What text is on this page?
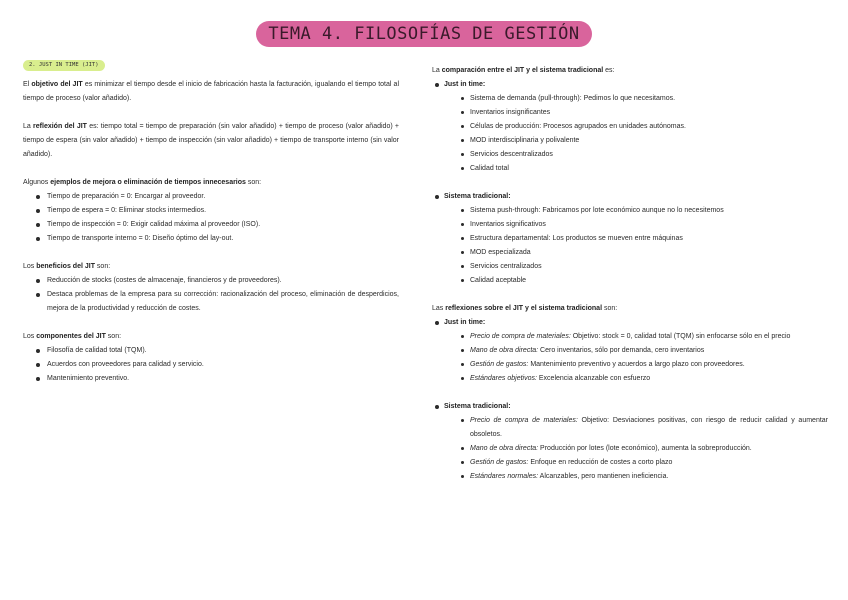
TEMA 4. FILOSOFÍAS DE GESTIÓN
2. JUST IN TIME (JIT)

El objetivo del JIT es minimizar el tiempo desde el inicio de fabricación hasta la facturación, igualando el tiempo total al tiempo de proceso (valor añadido).

La reflexión del JIT es: tiempo total = tiempo de preparación (sin valor añadido) + tiempo de proceso (valor añadido) + tiempo de espera (sin valor añadido) + tiempo de inspección (sin valor añadido) + tiempo de transporte interno (sin valor añadido).

Algunos ejemplos de mejora o eliminación de tiempos innecesarios son:

Tiempo de preparación = 0: Encargar al proveedor.
Tiempo de espera = 0: Eliminar stocks intermedios.
Tiempo de inspección = 0: Exigir calidad máxima al proveedor (ISO).
Tiempo de transporte interno = 0: Diseño óptimo del lay-out.

Los beneficios del JIT son:

Reducción de stocks (costes de almacenaje, financieros y de proveedores).
Destaca problemas de la empresa para su corrección: racionalización del proceso, eliminación de desperdicios, mejora de la productividad y reducción de costes.

Los componentes del JIT son:

Filosofía de calidad total (TQM).
Acuerdos con proveedores para calidad y servicio.
Mantenimiento preventivo.

La comparación entre el JIT y el sistema tradicional es:

Just in time:
Sistema de demanda (pull-through): Pedimos lo que necesitamos.
Inventarios insignificantes
Células de producción: Procesos agrupados en unidades autónomas.
MOD interdisciplinaria y polivalente
Servicios descentralizados
Calidad total
Sistema tradicional:
Sistema push-through: Fabricamos por lote económico aunque no lo necesitemos
Inventarios significativos
Estructura departamental: Los productos se mueven entre máquinas
MOD especializada
Servicios centralizados
Calidad aceptable

Las reflexiones sobre el JIT y el sistema tradicional son:

Just in time:
Precio de compra de materiales: Objetivo: stock = 0, calidad total (TQM) sin enfocarse sólo en el precio
Mano de obra directa: Cero inventarios, sólo por demanda, cero inventarios
Gestión de gastos: Mantenimiento preventivo y acuerdos a largo plazo con proveedores.
Estándares objetivos: Excelencia alcanzable con esfuerzo
Sistema tradicional:
Precio de compra de materiales: Objetivo: Desviaciones positivas, con riesgo de reducir calidad y aumentar obsoletos.
Mano de obra directa: Producción por lotes (lote económico), aumenta la sobreproducción.
Gestión de gastos: Enfoque en reducción de costes a corto plazo
Estándares normales: Alcanzables, pero mantienen ineficiencia.
